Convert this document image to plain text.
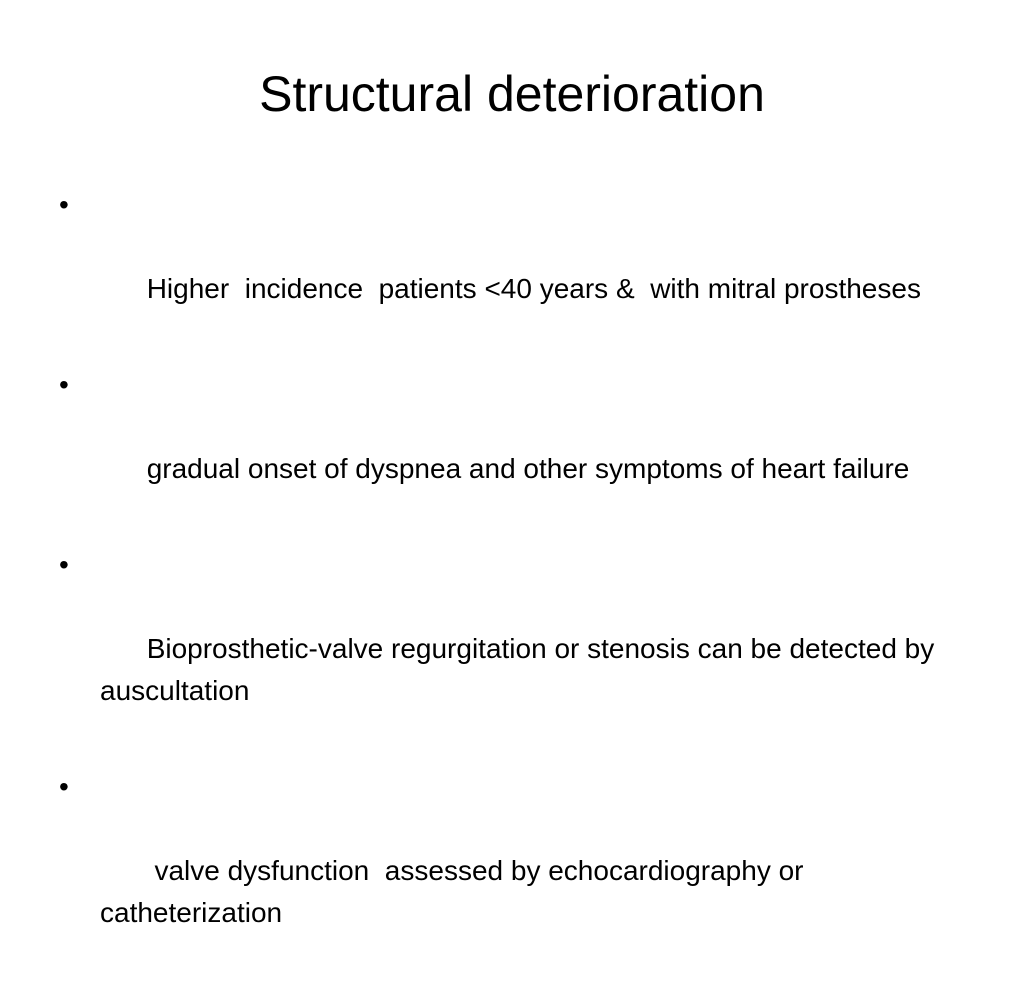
Structural deterioration

•

Higher  incidence  patients <40 years &  with mitral prostheses

•

gradual onset of dyspnea and other symptoms of heart failure

•

Bioprosthetic-valve regurgitation or stenosis can be detected by auscultation

•

valve dysfunction  assessed by echocardiography or catheterization
